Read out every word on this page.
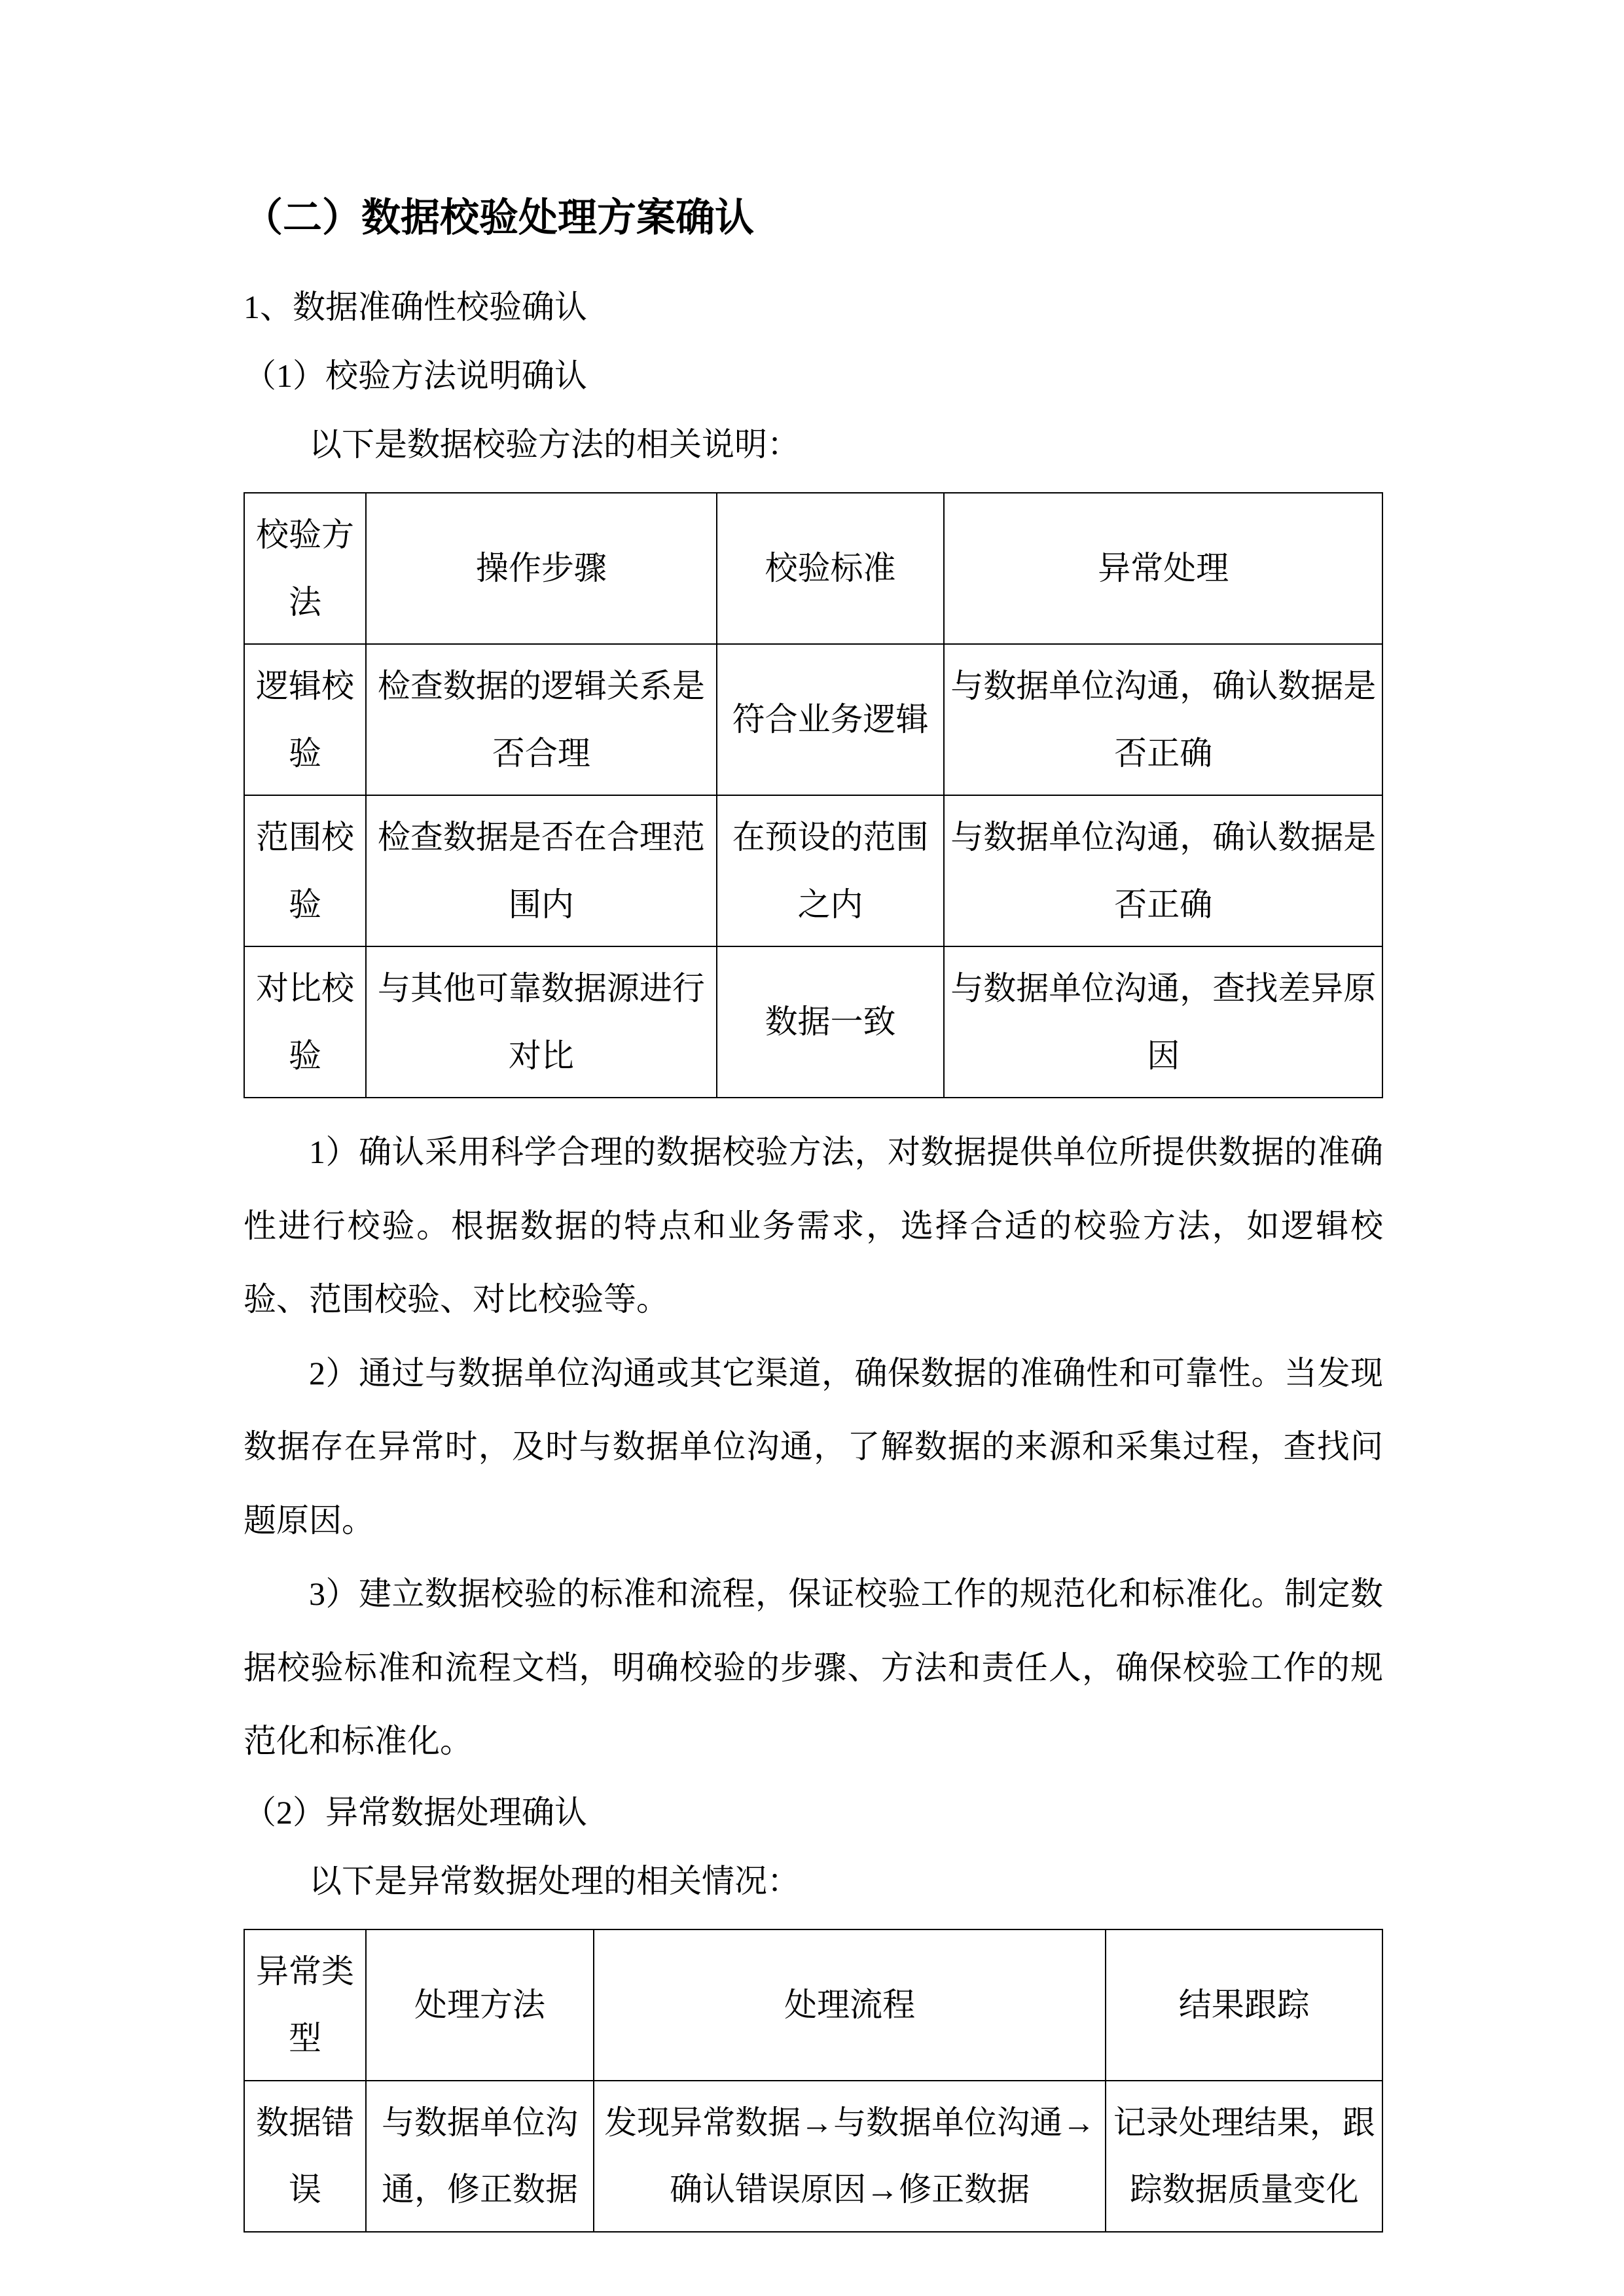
（二）数据校验处理方案确认

1、数据准确性校验确认

（1）校验方法说明确认

以下是数据校验方法的相关说明：

校验方法	操作步骤	校验标准	异常处理
逻辑校验	检查数据的逻辑关系是否合理	符合业务逻辑	与数据单位沟通，确认数据是否正确
范围校验	检查数据是否在合理范围内	在预设的范围之内	与数据单位沟通，确认数据是否正确
对比校验	与其他可靠数据源进行对比	数据一致	与数据单位沟通，查找差异原因

1）确认采用科学合理的数据校验方法，对数据提供单位所提供数据的准确性进行校验。根据数据的特点和业务需求，选择合适的校验方法，如逻辑校验、范围校验、对比校验等。

2）通过与数据单位沟通或其它渠道，确保数据的准确性和可靠性。当发现数据存在异常时，及时与数据单位沟通，了解数据的来源和采集过程，查找问题原因。

3）建立数据校验的标准和流程，保证校验工作的规范化和标准化。制定数据校验标准和流程文档，明确校验的步骤、方法和责任人，确保校验工作的规范化和标准化。

（2）异常数据处理确认

以下是异常数据处理的相关情况：

异常类型	处理方法	处理流程	结果跟踪
数据错误	与数据单位沟通，修正数据	发现异常数据→与数据单位沟通→确认错误原因→修正数据	记录处理结果，跟踪数据质量变化
